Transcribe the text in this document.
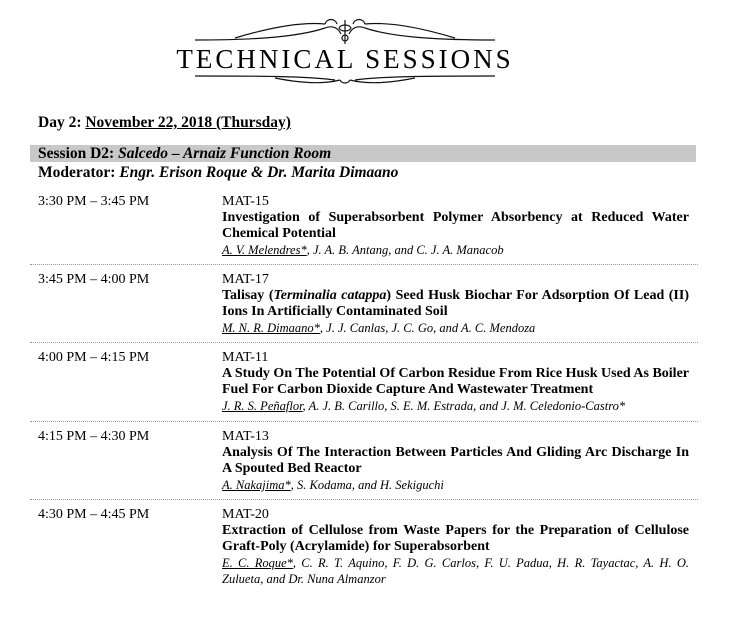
TECHNICAL SESSIONS
Day 2: November 22, 2018 (Thursday)
Session D2: Salcedo – Arnaiz Function Room
Moderator: Engr. Erison Roque & Dr. Marita Dimaano
3:30 PM – 3:45 PM	MAT-15
Investigation of Superabsorbent Polymer Absorbency at Reduced Water Chemical Potential
A. V. Melendres*, J. A. B. Antang, and C. J. A. Manacob
3:45 PM – 4:00 PM	MAT-17
Talisay (Terminalia catappa) Seed Husk Biochar For Adsorption Of Lead (II) Ions In Artificially Contaminated Soil
M. N. R. Dimaano*, J. J. Canlas, J. C. Go, and A. C. Mendoza
4:00 PM – 4:15 PM	MAT-11
A Study On The Potential Of Carbon Residue From Rice Husk Used As Boiler Fuel For Carbon Dioxide Capture And Wastewater Treatment
J. R. S. Peñaflor, A. J. B. Carillo, S. E. M. Estrada, and J. M. Celedonio-Castro*
4:15 PM – 4:30 PM	MAT-13
Analysis Of The Interaction Between Particles And Gliding Arc Discharge In A Spouted Bed Reactor
A. Nakajima*, S. Kodama, and H. Sekiguchi
4:30 PM – 4:45 PM	MAT-20
Extraction of Cellulose from Waste Papers for the Preparation of Cellulose Graft-Poly (Acrylamide) for Superabsorbent
E. C. Roque*, C. R. T. Aquino, F. D. G. Carlos, F. U. Padua, H. R. Tayactac, A. H. O. Zulueta, and Dr. Nuna Almanzor
